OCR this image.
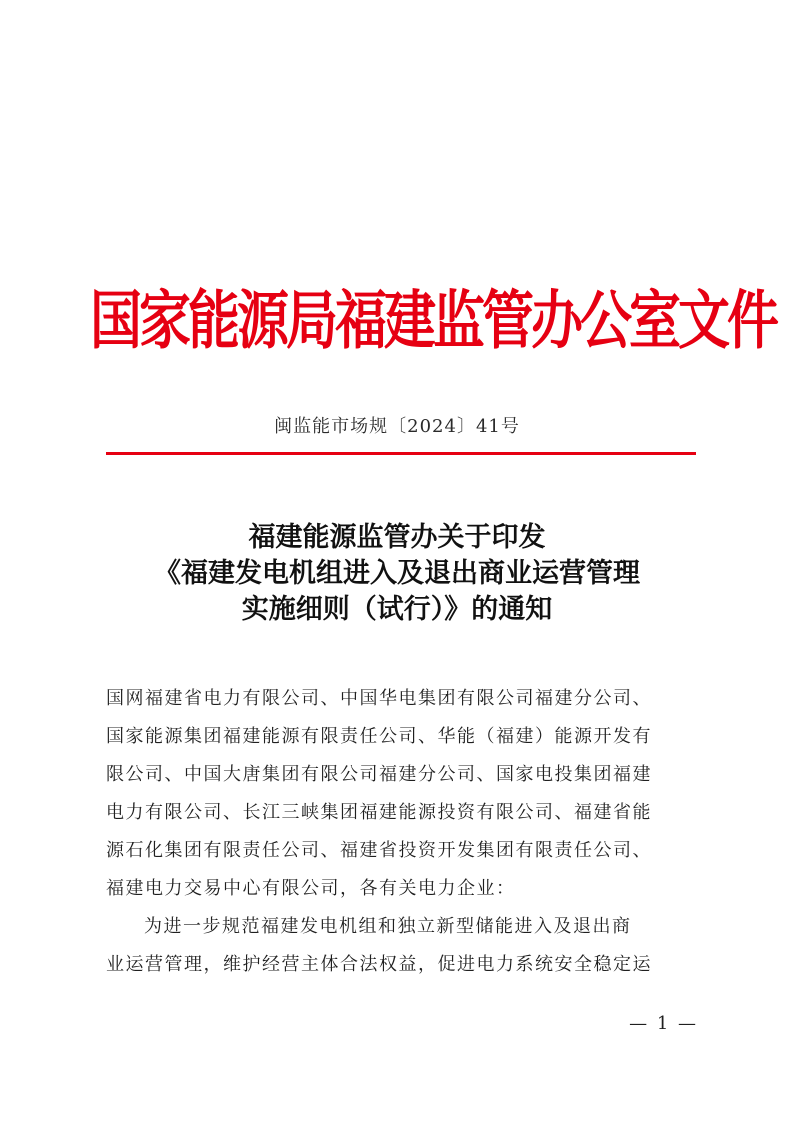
国家能源局福建监管办公室文件
闽监能市场规〔2024〕41号
福建能源监管办关于印发
《福建发电机组进入及退出商业运营管理
实施细则（试行）》的通知
国网福建省电力有限公司、中国华电集团有限公司福建分公司、
国家能源集团福建能源有限责任公司、华能（福建）能源开发有
限公司、中国大唐集团有限公司福建分公司、国家电投集团福建
电力有限公司、长江三峡集团福建能源投资有限公司、福建省能
源石化集团有限责任公司、福建省投资开发集团有限责任公司、
福建电力交易中心有限公司，各有关电力企业：
为进一步规范福建发电机组和独立新型储能进入及退出商
业运营管理，维护经营主体合法权益，促进电力系统安全稳定运
— 1 —
